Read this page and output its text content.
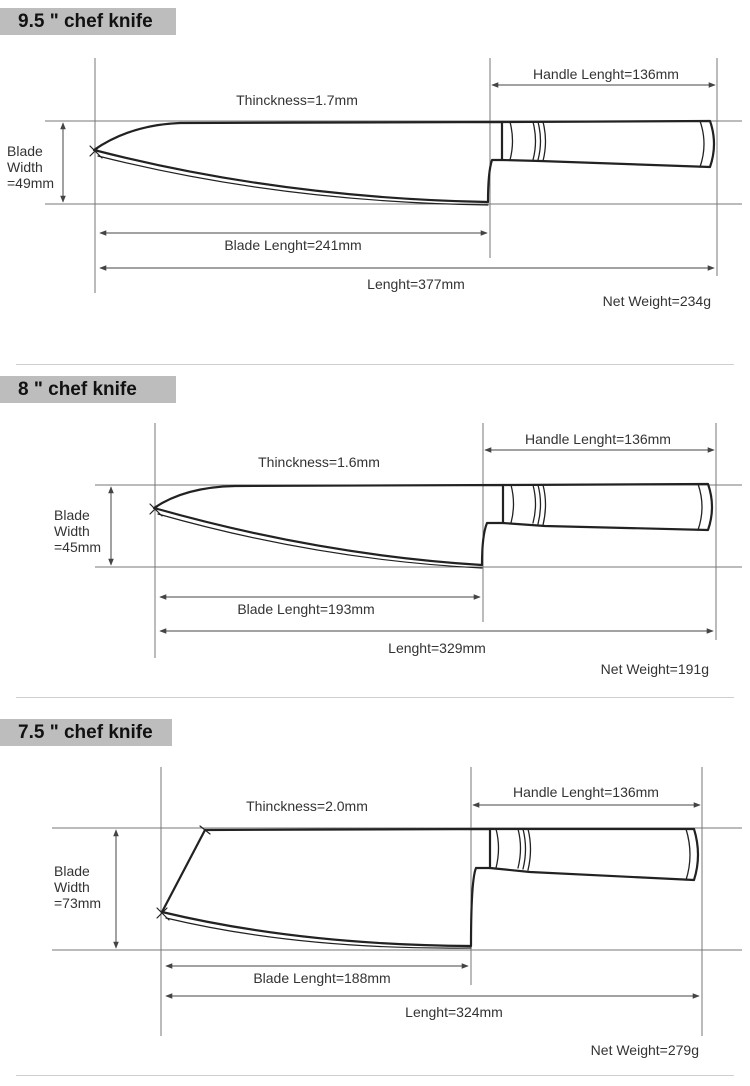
9.5 " chef knife
Thinckness=1.7mm
Handle Lenght=136mm
Blade
Width
=49mm
Blade Lenght=241mm
Lenght=377mm
Net Weight=234g
8 " chef knife
Thinckness=1.6mm
Handle Lenght=136mm
Blade
Width
=45mm
Blade Lenght=193mm
Lenght=329mm
Net Weight=191g
7.5 " chef knife
Thinckness=2.0mm
Handle Lenght=136mm
Blade
Width
=73mm
Blade Lenght=188mm
Lenght=324mm
Net Weight=279g
